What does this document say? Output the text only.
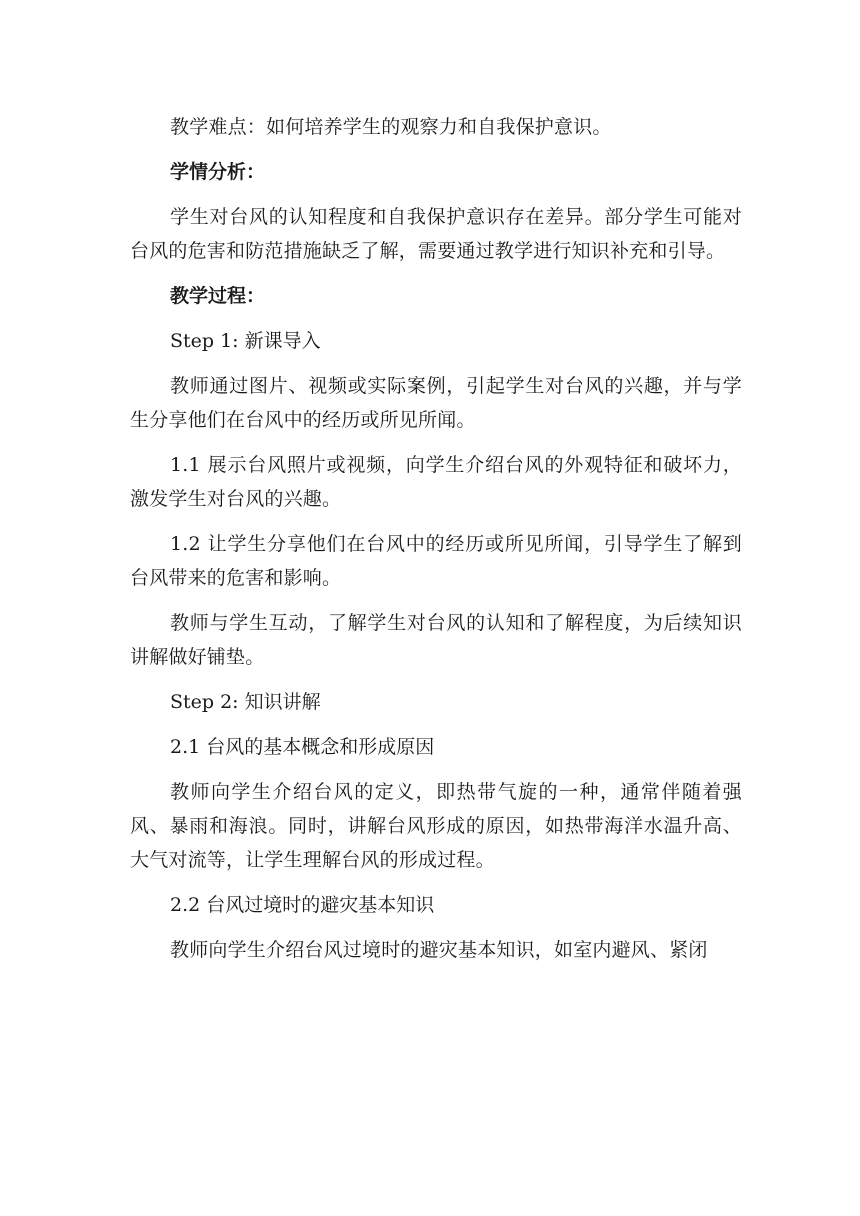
教学难点：如何培养学生的观察力和自我保护意识。

学情分析：

学生对台风的认知程度和自我保护意识存在差异。部分学生可能对台风的危害和防范措施缺乏了解，需要通过教学进行知识补充和引导。

教学过程：

Step 1: 新课导入

教师通过图片、视频或实际案例，引起学生对台风的兴趣，并与学生分享他们在台风中的经历或所见所闻。

1.1 展示台风照片或视频，向学生介绍台风的外观特征和破坏力，激发学生对台风的兴趣。

1.2 让学生分享他们在台风中的经历或所见所闻，引导学生了解到台风带来的危害和影响。

教师与学生互动，了解学生对台风的认知和了解程度，为后续知识讲解做好铺垫。

Step 2: 知识讲解

2.1 台风的基本概念和形成原因

教师向学生介绍台风的定义，即热带气旋的一种，通常伴随着强风、暴雨和海浪。同时，讲解台风形成的原因，如热带海洋水温升高、大气对流等，让学生理解台风的形成过程。

2.2 台风过境时的避灾基本知识

教师向学生介绍台风过境时的避灾基本知识，如室内避风、紧闭
